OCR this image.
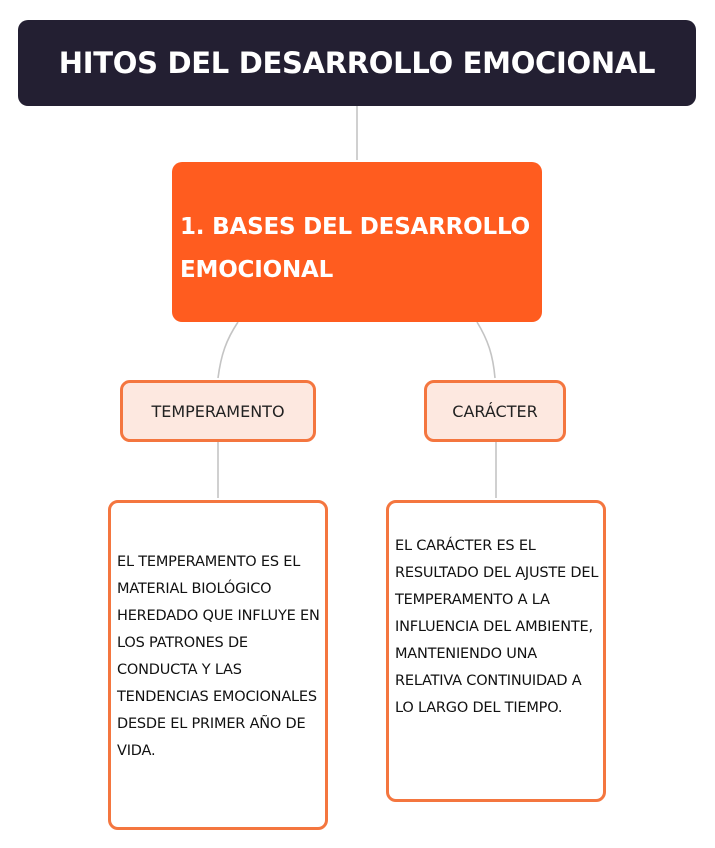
HITOS DEL DESARROLLO EMOCIONAL
1. BASES DEL DESARROLLO EMOCIONAL
TEMPERAMENTO	CARÁCTER
EL TEMPERAMENTO ES EL MATERIAL BIOLÓGICO HEREDADO QUE INFLUYE EN LOS PATRONES DE CONDUCTA Y LAS TENDENCIAS EMOCIONALES DESDE EL PRIMER AÑO DE VIDA.
EL CARÁCTER ES EL RESULTADO DEL AJUSTE DEL TEMPERAMENTO A LA INFLUENCIA DEL AMBIENTE, MANTENIENDO UNA RELATIVA CONTINUIDAD A LO LARGO DEL TIEMPO.
